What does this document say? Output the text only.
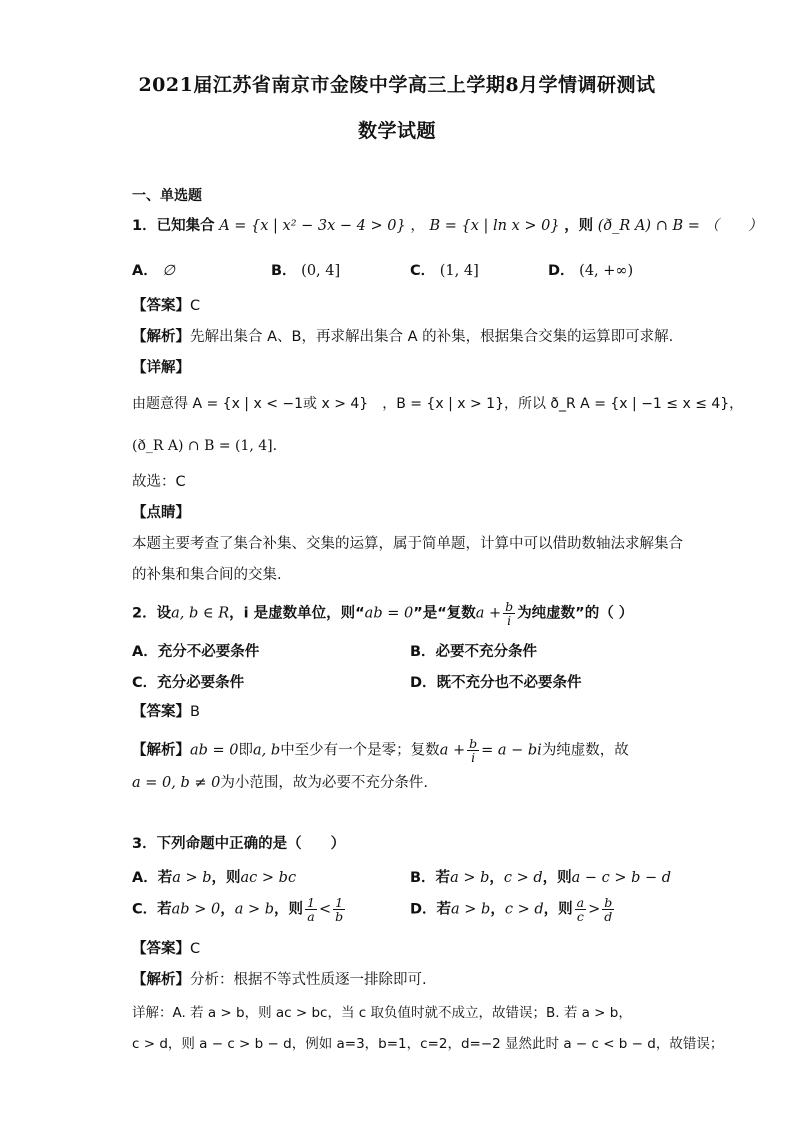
2021届江苏省南京市金陵中学高三上学期8月学情调研测试
数学试题
一、单选题
1．已知集合 A = {x | x² − 3x − 4 > 0} ， B = {x | ln x > 0} ，则 (ð_R A) ∩ B = （　　）
A． ∅	B． (0, 4]	C． (1, 4]	D． (4, +∞)
【答案】C
【解析】先解出集合 A、B，再求解出集合 A 的补集，根据集合交集的运算即可求解.
【详解】
由题意得 A = {x | x < −1或 x > 4}　，B = {x | x > 1}，所以 ð_R A = {x | −1 ≤ x ≤ 4}，
(ð_R A) ∩ B = (1, 4].
故选：C
【点睛】
本题主要考查了集合补集、交集的运算，属于简单题，计算中可以借助数轴法求解集合
的补集和集合间的交集.
2．设a, b ∈ R，i 是虚数单位，则“ab = 0”是“复数$a + \frac{b}{i}$ 为纯虚数”的（ ）
A．充分不必要条件	B．必要不充分条件
C．充分必要条件	D．既不充分也不必要条件
【答案】B
【解析】ab = 0即a, b中至少有一个是零；复数$a + \frac{b}{i} = a$ − bi为纯虚数，故
a = 0, b ≠ 0为小范围，故为必要不充分条件.
3．下列命题中正确的是（　　）
A．若a > b，则ac > bc	B．若a > b，c > d，则a − c > b − d
C．若ab > 0，a > b，则 $\frac{1}{a} < \frac{1}{b}$	D．若a > b，c > d，则 $\frac{a}{c} > \frac{b}{d}$
【答案】C
【解析】分析：根据不等式性质逐一排除即可.
详解：A. 若 a > b，则 ac > bc，当 c 取负值时就不成立，故错误；B. 若 a > b，
c > d，则 a − c > b − d，例如 a=3，b=1，c=2，d=−2 显然此时 a − c < b − d，故错误；
